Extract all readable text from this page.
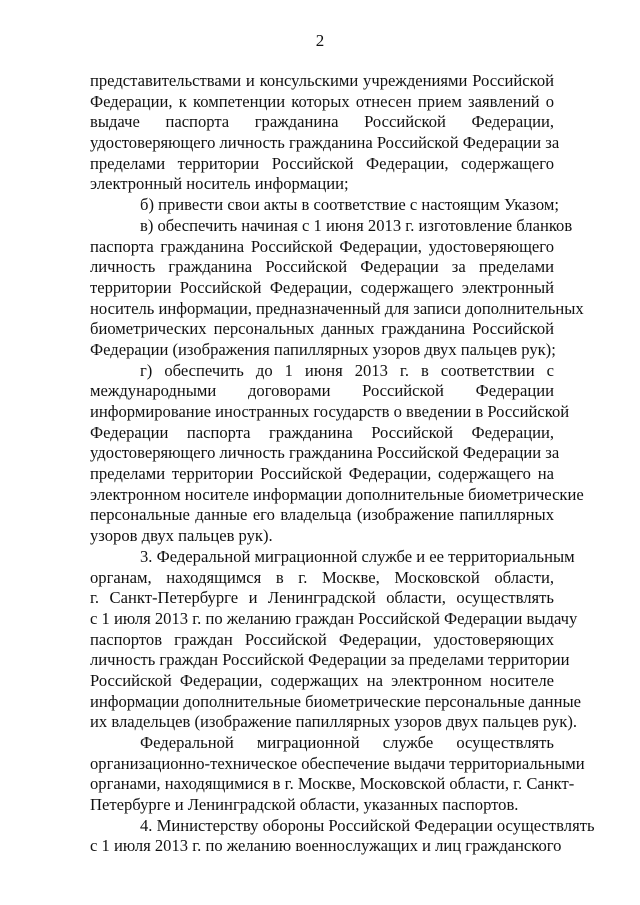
2
представительствами и консульскими учреждениями Российской
Федерации, к компетенции которых отнесен прием заявлений о
выдаче паспорта гражданина Российской Федерации,
удостоверяющего личность гражданина Российской Федерации за
пределами территории Российской Федерации, содержащего
электронный носитель информации;
б) привести свои акты в соответствие с настоящим Указом;
в) обеспечить начиная с 1 июня 2013 г. изготовление бланков
паспорта гражданина Российской Федерации, удостоверяющего
личность гражданина Российской Федерации за пределами
территории Российской Федерации, содержащего электронный
носитель информации, предназначенный для записи дополнительных
биометрических персональных данных гражданина Российской
Федерации (изображения папиллярных узоров двух пальцев рук);
г) обеспечить до 1 июня 2013 г. в соответствии с
международными договорами Российской Федерации
информирование иностранных государств о введении в Российской
Федерации паспорта гражданина Российской Федерации,
удостоверяющего личность гражданина Российской Федерации за
пределами территории Российской Федерации, содержащего на
электронном носителе информации дополнительные биометрические
персональные данные его владельца (изображение папиллярных
узоров двух пальцев рук).
3. Федеральной миграционной службе и ее территориальным
органам, находящимся в г. Москве, Московской области,
г. Санкт-Петербурге и Ленинградской области, осуществлять
с 1 июля 2013 г. по желанию граждан Российской Федерации выдачу
паспортов граждан Российской Федерации, удостоверяющих
личность граждан Российской Федерации за пределами территории
Российской Федерации, содержащих на электронном носителе
информации дополнительные биометрические персональные данные
их владельцев (изображение папиллярных узоров двух пальцев рук).
Федеральной миграционной службе осуществлять
организационно-техническое обеспечение выдачи территориальными
органами, находящимися в г. Москве, Московской области, г. Санкт-
Петербурге и Ленинградской области, указанных паспортов.
4. Министерству обороны Российской Федерации осуществлять
с 1 июля 2013 г. по желанию военнослужащих и лиц гражданского
